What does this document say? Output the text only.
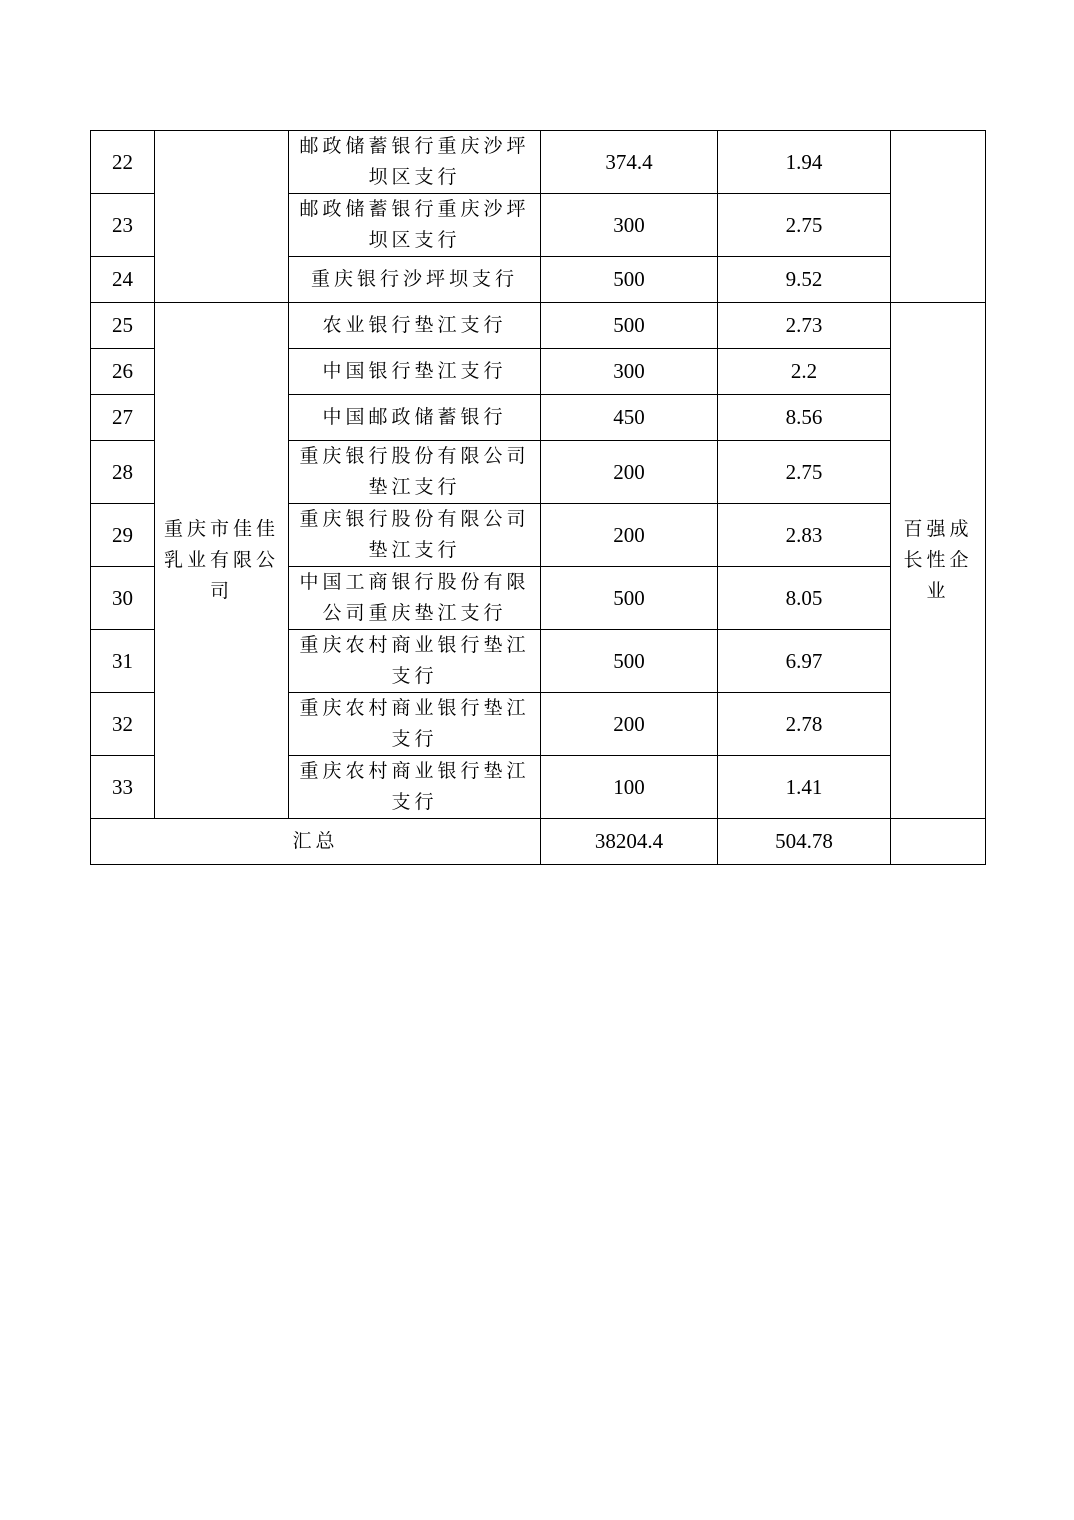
22		邮政储蓄银行重庆沙坪坝区支行	374.4	1.94	
23		邮政储蓄银行重庆沙坪坝区支行	300	2.75	
24		重庆银行沙坪坝支行	500	9.52	
25	重庆市佳佳乳业有限公司	农业银行垫江支行	500	2.73	百强成长性企业
26		中国银行垫江支行	300	2.2	
27		中国邮政储蓄银行	450	8.56	
28		重庆银行股份有限公司垫江支行	200	2.75	
29		重庆银行股份有限公司垫江支行	200	2.83	
30		中国工商银行股份有限公司重庆垫江支行	500	8.05	
31		重庆农村商业银行垫江支行	500	6.97	
32		重庆农村商业银行垫江支行	200	2.78	
33		重庆农村商业银行垫江支行	100	1.41	
汇总			38204.4	504.78	
